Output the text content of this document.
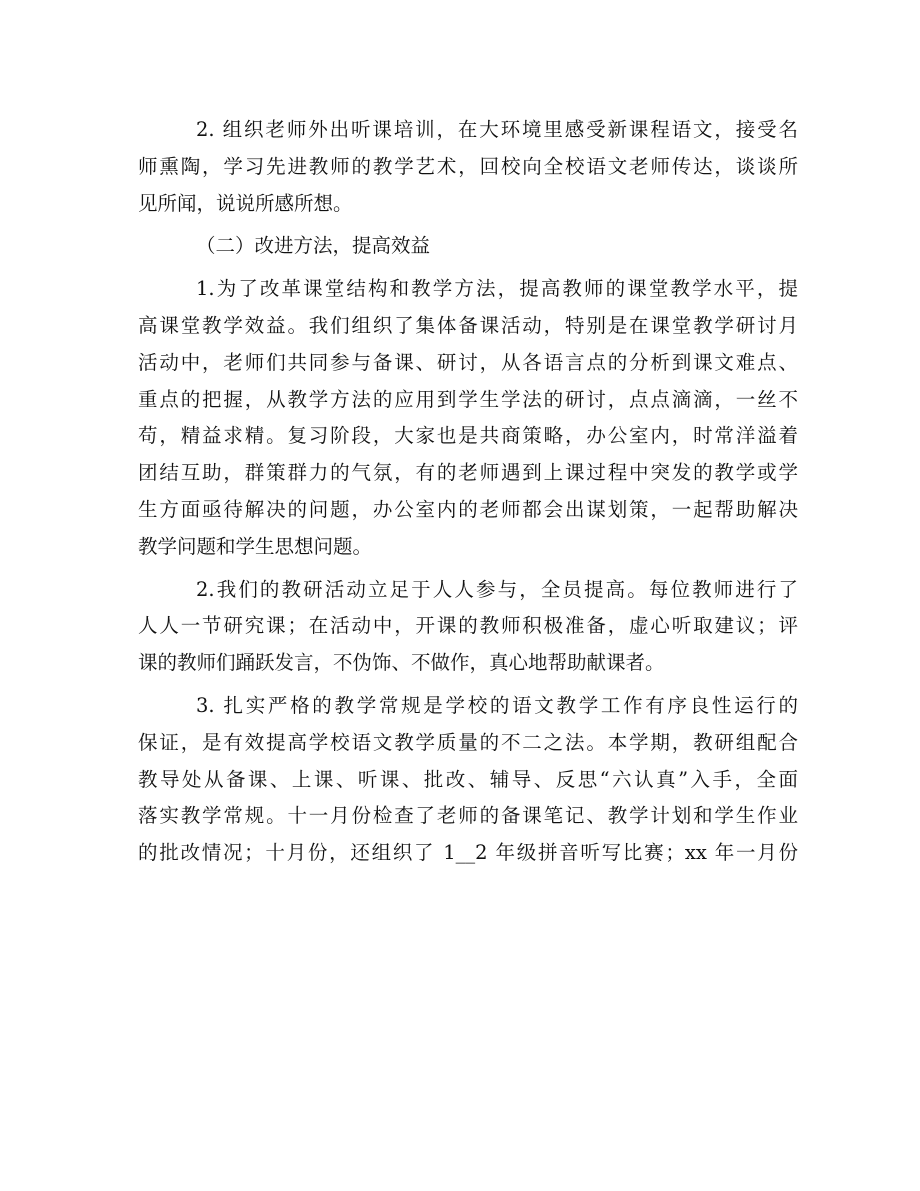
2. 组织老师外出听课培训，在大环境里感受新课程语文，接受名
师熏陶，学习先进教师的教学艺术，回校向全校语文老师传达，谈谈所
见所闻，说说所感所想。
（二）改进方法，提高效益
1.为了改革课堂结构和教学方法，提高教师的课堂教学水平，提
高课堂教学效益。我们组织了集体备课活动，特别是在课堂教学研讨月
活动中，老师们共同参与备课、研讨，从各语言点的分析到课文难点、
重点的把握，从教学方法的应用到学生学法的研讨，点点滴滴，一丝不
苟，精益求精。复习阶段，大家也是共商策略，办公室内，时常洋溢着
团结互助，群策群力的气氛，有的老师遇到上课过程中突发的教学或学
生方面亟待解决的问题，办公室内的老师都会出谋划策，一起帮助解决
教学问题和学生思想问题。
2.我们的教研活动立足于人人参与，全员提高。每位教师进行了
人人一节研究课；在活动中，开课的教师积极准备，虚心听取建议；评
课的教师们踊跃发言，不伪饰、不做作，真心地帮助献课者。
3. 扎实严格的教学常规是学校的语文教学工作有序良性运行的
保证，是有效提高学校语文教学质量的不二之法。本学期，教研组配合
教导处从备课、上课、听课、批改、辅导、反思“六认真”入手，全面
落实教学常规。十一月份检查了老师的备课笔记、教学计划和学生作业
的批改情况；十月份，还组织了 1__2 年级拼音听写比赛；xx 年一月份
